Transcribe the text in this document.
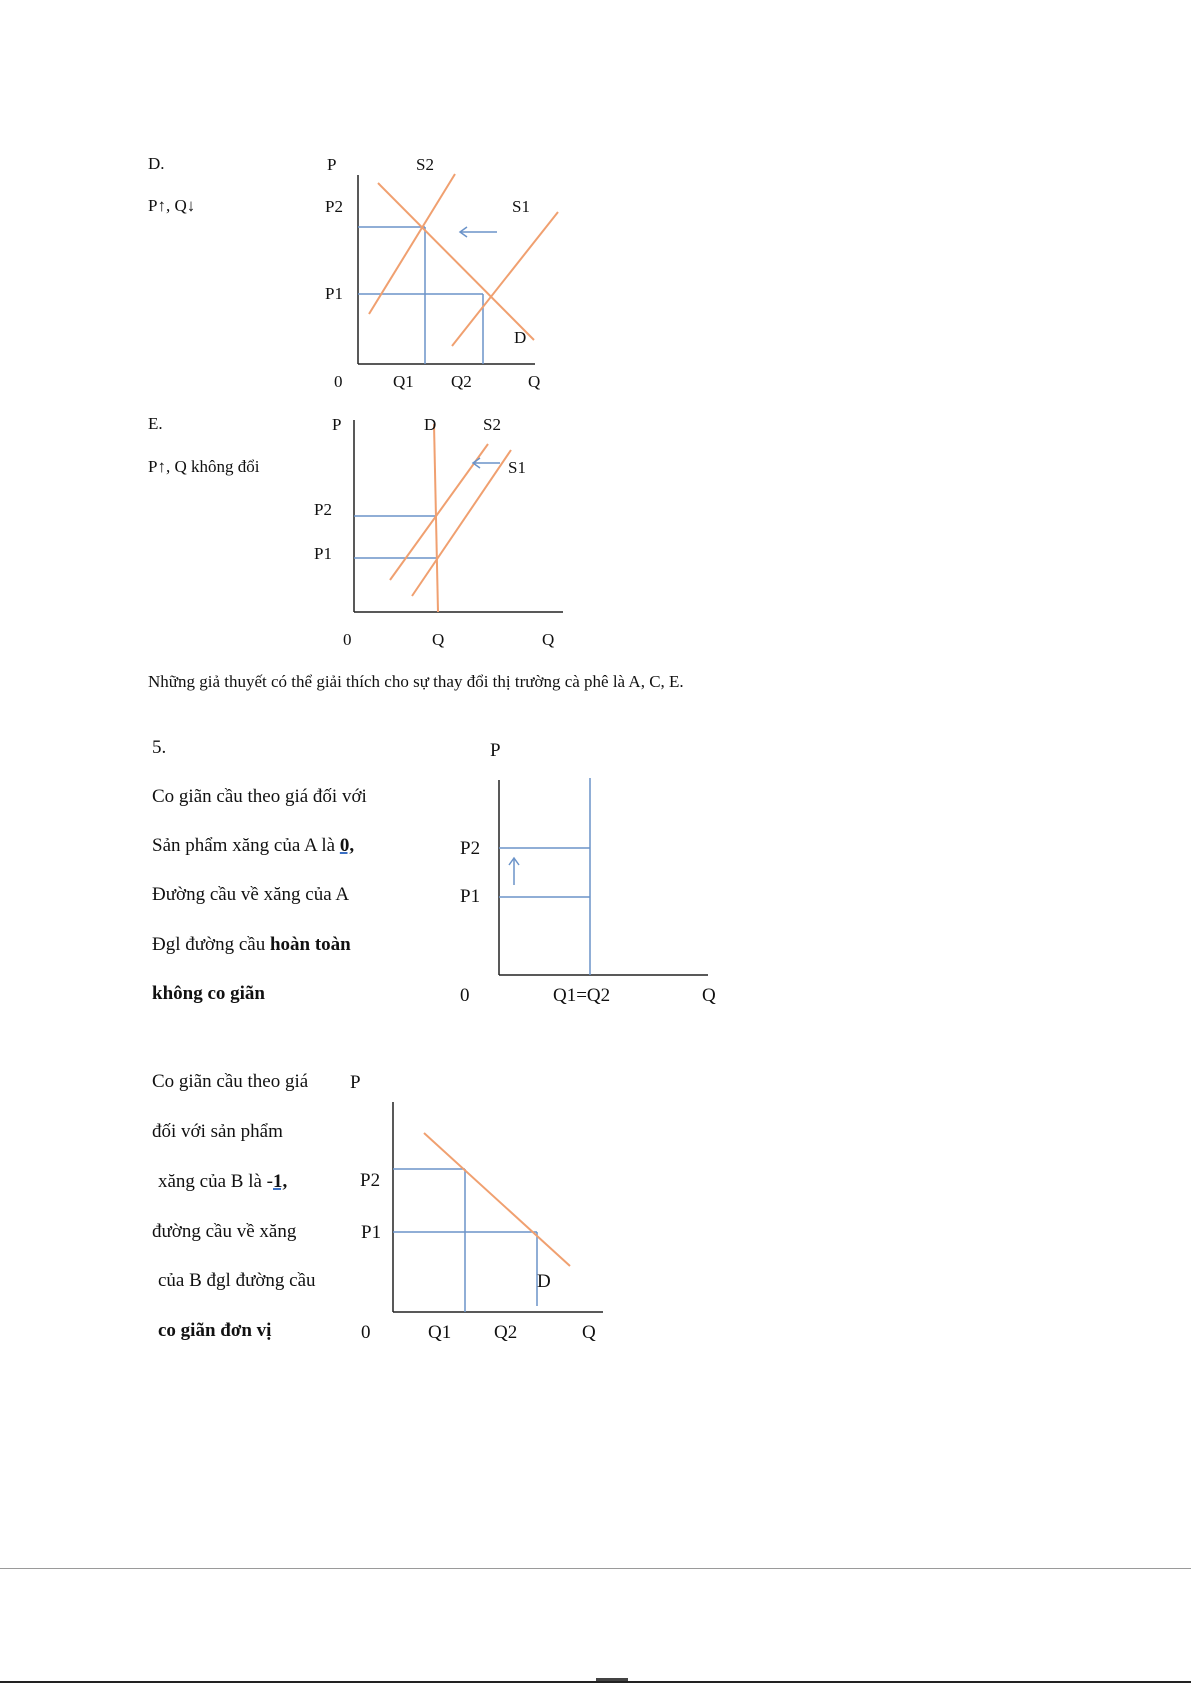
D.
P↑, Q↓
P	S2
P2	S1
P1
D
0	Q1 Q2	Q
E.
P↑, Q không đổi
P	D	S2
S1
P2
P1
0	Q	Q
Những giả thuyết có thể giải thích cho sự thay đổi thị trường cà phê là A, C, E.
5.
Co giãn cầu theo giá đối với
Sản phẩm xăng của A là 0,
Đường cầu về xăng của A
Đgl đường cầu hoàn toàn
không co giãn
P
P2
P1
0	Q1=Q2	Q
Co giãn cầu theo giá
đối với sản phẩm
xăng của B là -1,
đường cầu về xăng
của B đgl đường cầu
co giãn đơn vị
P
P2
P1
D
0	Q1 Q2	Q
